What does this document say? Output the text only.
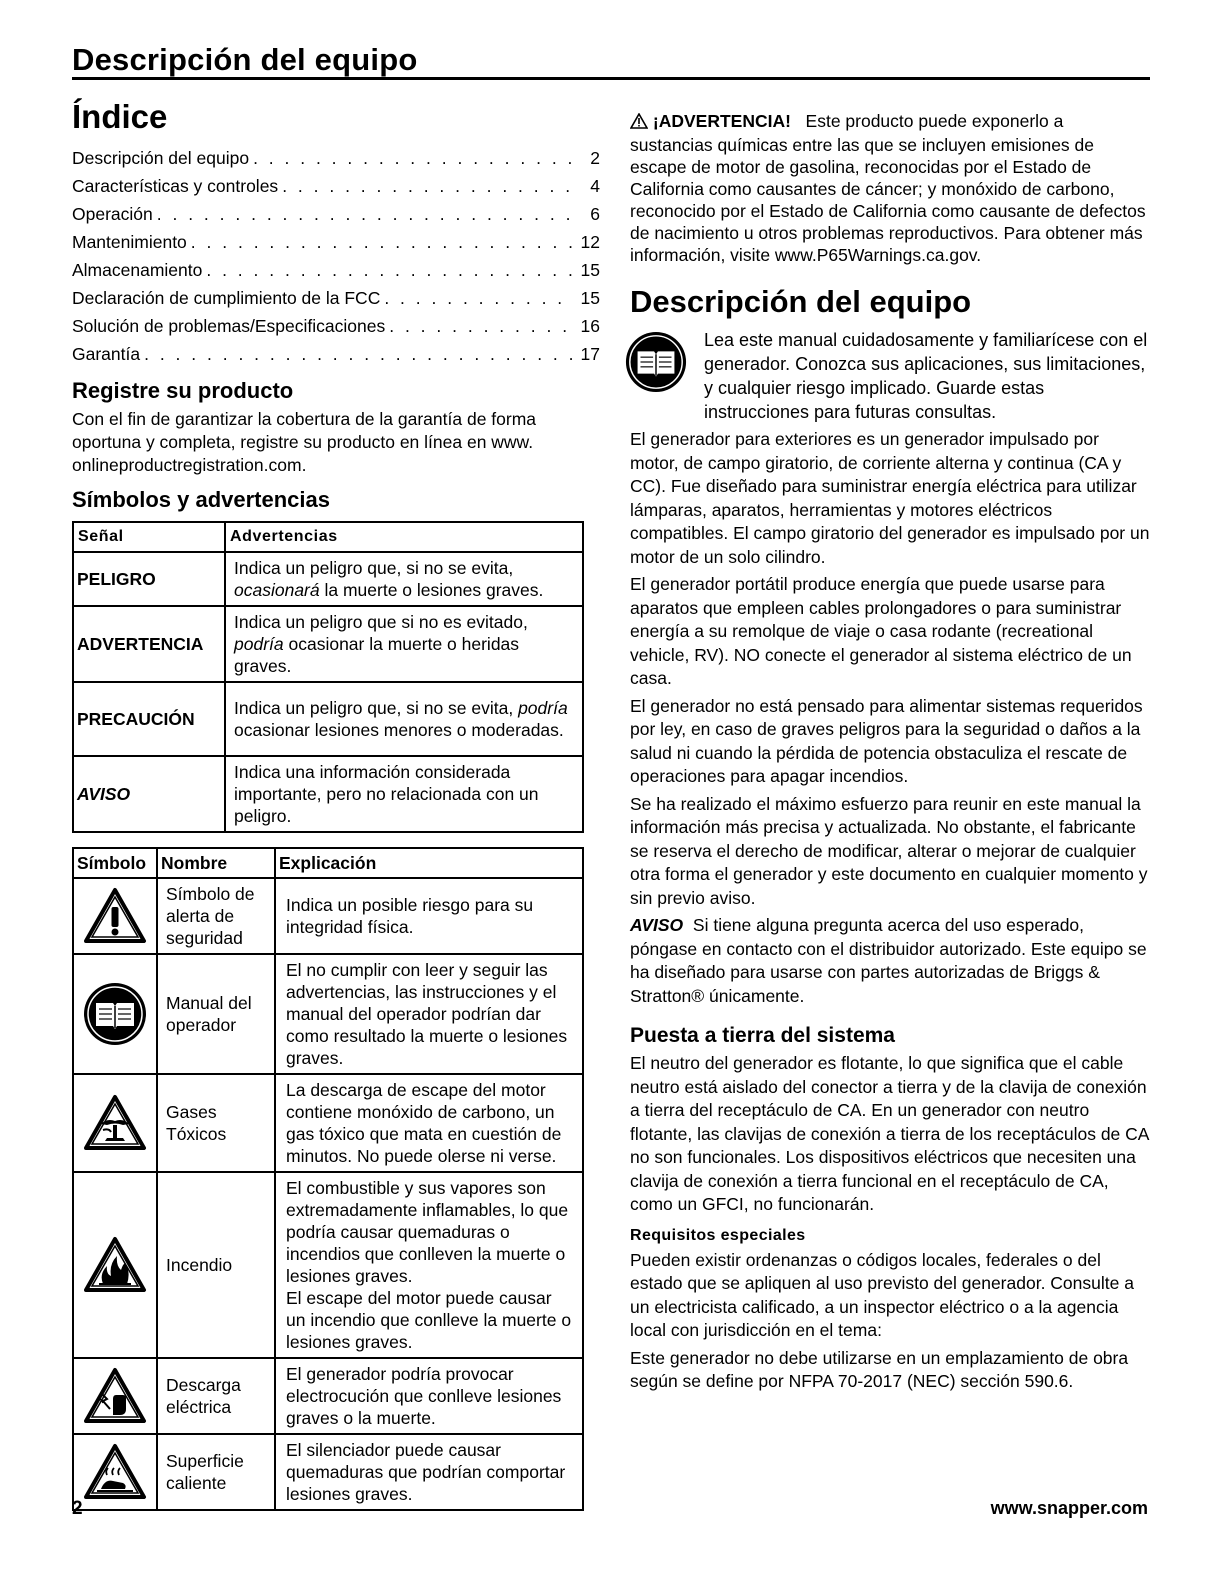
Descripción del equipo
Índice
Descripción del equipo . . .	2
Características y controles . . .	4
Operación . . .	6
Mantenimiento . . .	12
Almacenamiento . . .	15
Declaración de cumplimiento de la FCC . . .	15
Solución de problemas/Especificaciones . . .	16
Garantía . . .	17
Registre su producto

Con el fin de garantizar la cobertura de la garantía de forma oportuna y completa, registre su producto en línea en www. onlineproductregistration.com.

Símbolos y advertencias
Señal	Advertencias
PELIGRO	Indica un peligro que, si no se evita, ocasionará la muerte o lesiones graves.
ADVERTENCIA	Indica un peligro que si no es evitado, podría ocasionar la muerte o heridas graves.
PRECAUCIÓN	Indica un peligro que, si no se evita, podría ocasionar lesiones menores o moderadas.
AVISO	Indica una información considerada importante, pero no relacionada con un peligro.
Símbolo	Nombre	Explicación

	Símbolo de alerta de seguridad	Indica un posible riesgo para su integridad física.

	Manual del operador	El no cumplir con leer y seguir las advertencias, las instrucciones y el manual del operador podrían dar como resultado la muerte o lesiones graves.

	Gases Tóxicos	La descarga de escape del motor contiene monóxido de carbono, un gas tóxico que mata en cuestión de minutos. No puede olerse ni verse.

	Incendio	El combustible y sus vapores son extremadamente inflamables, lo que podría causar quemaduras o incendios que conlleven la muerte o lesiones graves.
El escape del motor puede causar un incendio que conlleve la muerte o lesiones graves.

	Descarga eléctrica	El generador podría provocar electrocución que conlleve lesiones graves o la muerte.

	Superficie caliente	El silenciador puede causar quemaduras que podrían comportar lesiones graves.
¡ADVERTENCIA! Este producto puede exponerlo a sustancias químicas entre las que se incluyen emisiones de escape de motor de gasolina, reconocidas por el Estado de California como causantes de cáncer; y monóxido de carbono, reconocido por el Estado de California como causante de defectos de nacimiento u otros problemas reproductivos. Para obtener más información, visite www.P65Warnings.ca.gov.
Descripción del equipo
Lea este manual cuidadosamente y familiarícese con el generador. Conozca sus aplicaciones, sus limitaciones, y cualquier riesgo implicado. Guarde estas instrucciones para futuras consultas.

El generador para exteriores es un generador impulsado por motor, de campo giratorio, de corriente alterna y continua (CA y CC). Fue diseñado para suministrar energía eléctrica para utilizar lámparas, aparatos, herramientas y motores eléctricos compatibles. El campo giratorio del generador es impulsado por un motor de un solo cilindro.

El generador portátil produce energía que puede usarse para aparatos que empleen cables prolongadores o para suministrar energía a su remolque de viaje o casa rodante (recreational vehicle, RV). NO conecte el generador al sistema eléctrico de un casa.

El generador no está pensado para alimentar sistemas requeridos por ley, en caso de graves peligros para la seguridad o daños a la salud ni cuando la pérdida de potencia obstaculiza el rescate de operaciones para apagar incendios.

Se ha realizado el máximo esfuerzo para reunir en este manual la información más precisa y actualizada. No obstante, el fabricante se reserva el derecho de modificar, alterar o mejorar de cualquier otra forma el generador y este documento en cualquier momento y sin previo aviso.

AVISO Si tiene alguna pregunta acerca del uso esperado, póngase en contacto con el distribuidor autorizado. Este equipo se ha diseñado para usarse con partes autorizadas de Briggs & Stratton® únicamente.

Puesta a tierra del sistema

El neutro del generador es flotante, lo que significa que el cable neutro está aislado del conector a tierra y de la clavija de conexión a tierra del receptáculo de CA. En un generador con neutro flotante, las clavijas de conexión a tierra de los receptáculos de CA no son funcionales. Los dispositivos eléctricos que necesiten una clavija de conexión a tierra funcional en el receptáculo de CA, como un GFCI, no funcionarán.

Requisitos especiales

Pueden existir ordenanzas o códigos locales, federales o del estado que se apliquen al uso previsto del generador. Consulte a un electricista calificado, a un inspector eléctrico o a la agencia local con jurisdicción en el tema:

Este generador no debe utilizarse en un emplazamiento de obra según se define por NFPA 70-2017 (NEC) sección 590.6.

2	www.snapper.com
